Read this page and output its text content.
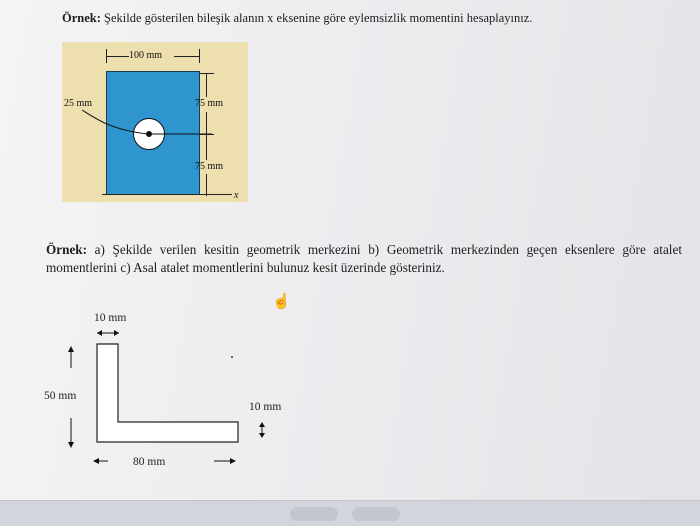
Örnek: Şekilde gösterilen bileşik alanın x eksenine göre eylemsizlik momentini hesaplayınız.
100 mm
x
25 mm	75 mm
75 mm
Örnek: a) Şekilde verilen kesitin geometrik merkezini b) Geometrik merkezinden geçen eksenlere göre atalet momentlerini c) Asal atalet momentlerini bulunuz kesit üzerinde gösteriniz.
☝
10 mm
50 mm
10 mm
80 mm
